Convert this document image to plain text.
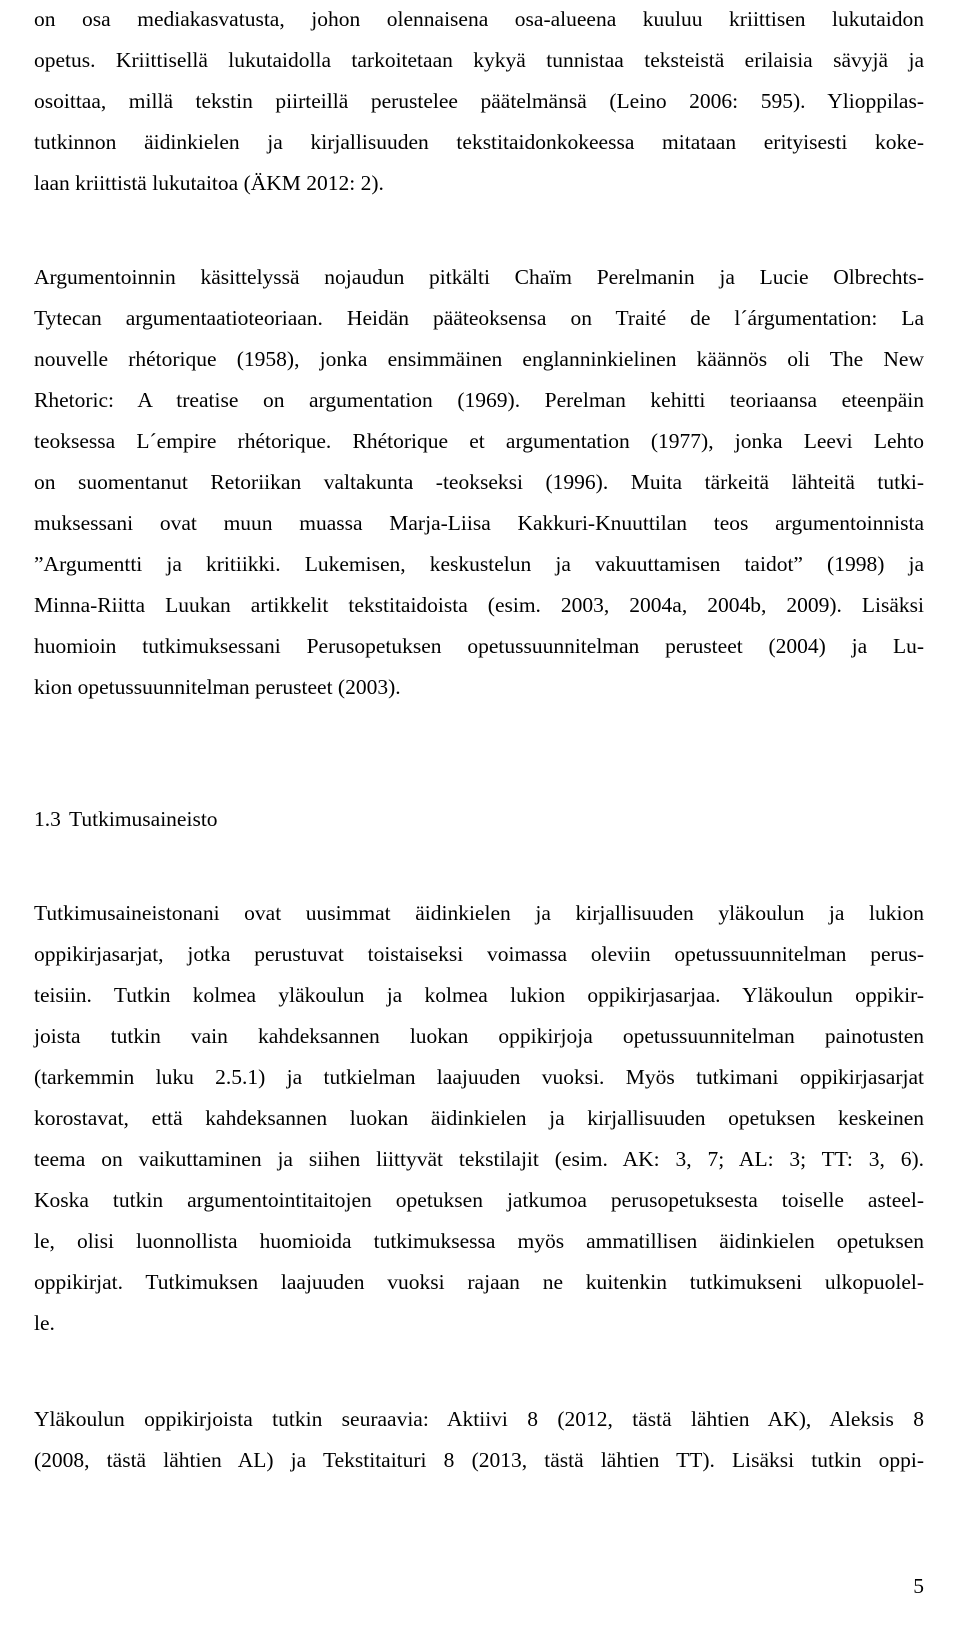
on osa mediakasvatusta, johon olennaisena osa-alueena kuuluu kriittisen lukutaidon
opetus. Kriittisellä lukutaidolla tarkoitetaan kykyä tunnistaa teksteistä erilaisia sävyjä ja
osoittaa, millä tekstin piirteillä perustelee päätelmänsä (Leino 2006: 595). Ylioppilas-
tutkinnon äidinkielen ja kirjallisuuden tekstitaidonkokeessa mitataan erityisesti koke-
laan kriittistä lukutaitoa (ÄKM 2012: 2).
Argumentoinnin käsittelyssä nojaudun pitkälti Chaïm Perelmanin ja Lucie Olbrechts-
Tytecan argumentaatioteoriaan. Heidän pääteoksensa on Traité de l´árgumentation: La
nouvelle rhétorique (1958), jonka ensimmäinen englanninkielinen käännös oli The New
Rhetoric: A treatise on argumentation (1969). Perelman kehitti teoriaansa eteenpäin
teoksessa L´empire rhétorique. Rhétorique et argumentation (1977), jonka Leevi Lehto
on suomentanut Retoriikan valtakunta -teokseksi (1996). Muita tärkeitä lähteitä tutki-
muksessani ovat muun muassa Marja-Liisa Kakkuri-Knuuttilan teos argumentoinnista
”Argumentti ja kritiikki. Lukemisen, keskustelun ja vakuuttamisen taidot” (1998) ja
Minna-Riitta Luukan artikkelit tekstitaidoista (esim. 2003, 2004a, 2004b, 2009). Lisäksi
huomioin tutkimuksessani Perusopetuksen opetussuunnitelman perusteet (2004) ja Lu-
kion opetussuunnitelman perusteet (2003).
1.3 Tutkimusaineisto
Tutkimusaineistonani ovat uusimmat äidinkielen ja kirjallisuuden yläkoulun ja lukion
oppikirjasarjat, jotka perustuvat toistaiseksi voimassa oleviin opetussuunnitelman perus-
teisiin. Tutkin kolmea yläkoulun ja kolmea lukion oppikirjasarjaa. Yläkoulun oppikir-
joista tutkin vain kahdeksannen luokan oppikirjoja opetussuunnitelman painotusten
(tarkemmin luku 2.5.1) ja tutkielman laajuuden vuoksi. Myös tutkimani oppikirjasarjat
korostavat, että kahdeksannen luokan äidinkielen ja kirjallisuuden opetuksen keskeinen
teema on vaikuttaminen ja siihen liittyvät tekstilajit (esim. AK: 3, 7; AL: 3; TT: 3, 6).
Koska tutkin argumentointitaitojen opetuksen jatkumoa perusopetuksesta toiselle asteel-
le, olisi luonnollista huomioida tutkimuksessa myös ammatillisen äidinkielen opetuksen
oppikirjat. Tutkimuksen laajuuden vuoksi rajaan ne kuitenkin tutkimukseni ulkopuolel-
le.
Yläkoulun oppikirjoista tutkin seuraavia: Aktiivi 8 (2012, tästä lähtien AK), Aleksis 8
(2008, tästä lähtien AL) ja Tekstitaituri 8 (2013, tästä lähtien TT). Lisäksi tutkin oppi-
5
